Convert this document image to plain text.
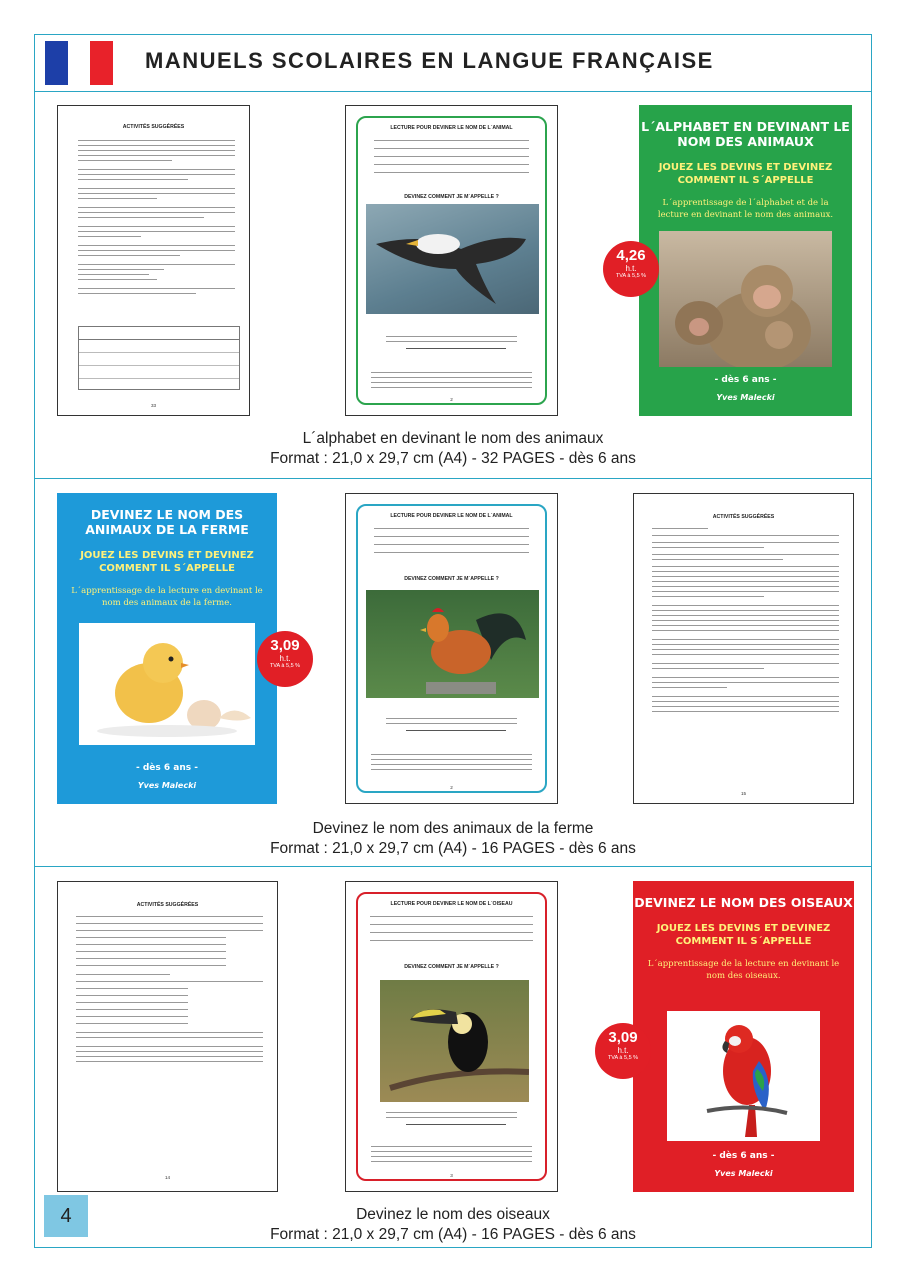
MANUELS SCOLAIRES EN LANGUE FRANÇAISE
ACTIVITÉS SUGGÉRÉES
33
LECTURE POUR DEVINER LE NOM DE L´ANIMAL
DEVINEZ COMMENT JE M´APPELLE ?
2
L´ALPHABET EN DEVINANT LE NOM DES ANIMAUX
JOUEZ LES DEVINS ET DEVINEZ COMMENT IL S´APPELLE
L´apprentissage de l´alphabet et de la lecture en devinant le nom des animaux.
- dès 6 ans -
Yves Malecki
4,26
h.t.
TVA à 5,5 %
L´alphabet en devinant le nom des animaux
Format : 21,0 x 29,7 cm (A4) - 32 PAGES - dès 6 ans
DEVINEZ LE NOM DES ANIMAUX DE LA FERME
JOUEZ LES DEVINS ET DEVINEZ COMMENT IL S´APPELLE
L´apprentissage de la lecture en devinant le nom des animaux de la ferme.
- dès 6 ans -
Yves Malecki
3,09
h.t.
TVA à 5,5 %
LECTURE POUR DEVINER LE NOM DE L´ANIMAL
DEVINEZ COMMENT JE M´APPELLE ?
2
ACTIVITÉS SUGGÉRÉES
15
Devinez le nom des animaux de la ferme
Format : 21,0 x 29,7 cm (A4) - 16 PAGES - dès 6 ans
ACTIVITÉS SUGGÉRÉES
14
LECTURE POUR DEVINER LE NOM DE L´OISEAU
DEVINEZ COMMENT JE M´APPELLE ?
3
DEVINEZ LE NOM DES OISEAUX
JOUEZ LES DEVINS ET DEVINEZ COMMENT IL S´APPELLE
L´apprentissage de la lecture en devinant le nom des oiseaux.
- dès 6 ans -
Yves Malecki
3,09
h.t.
TVA à 5,5 %
Devinez le nom des oiseaux
Format : 21,0 x 29,7 cm (A4) - 16 PAGES - dès 6 ans
4
